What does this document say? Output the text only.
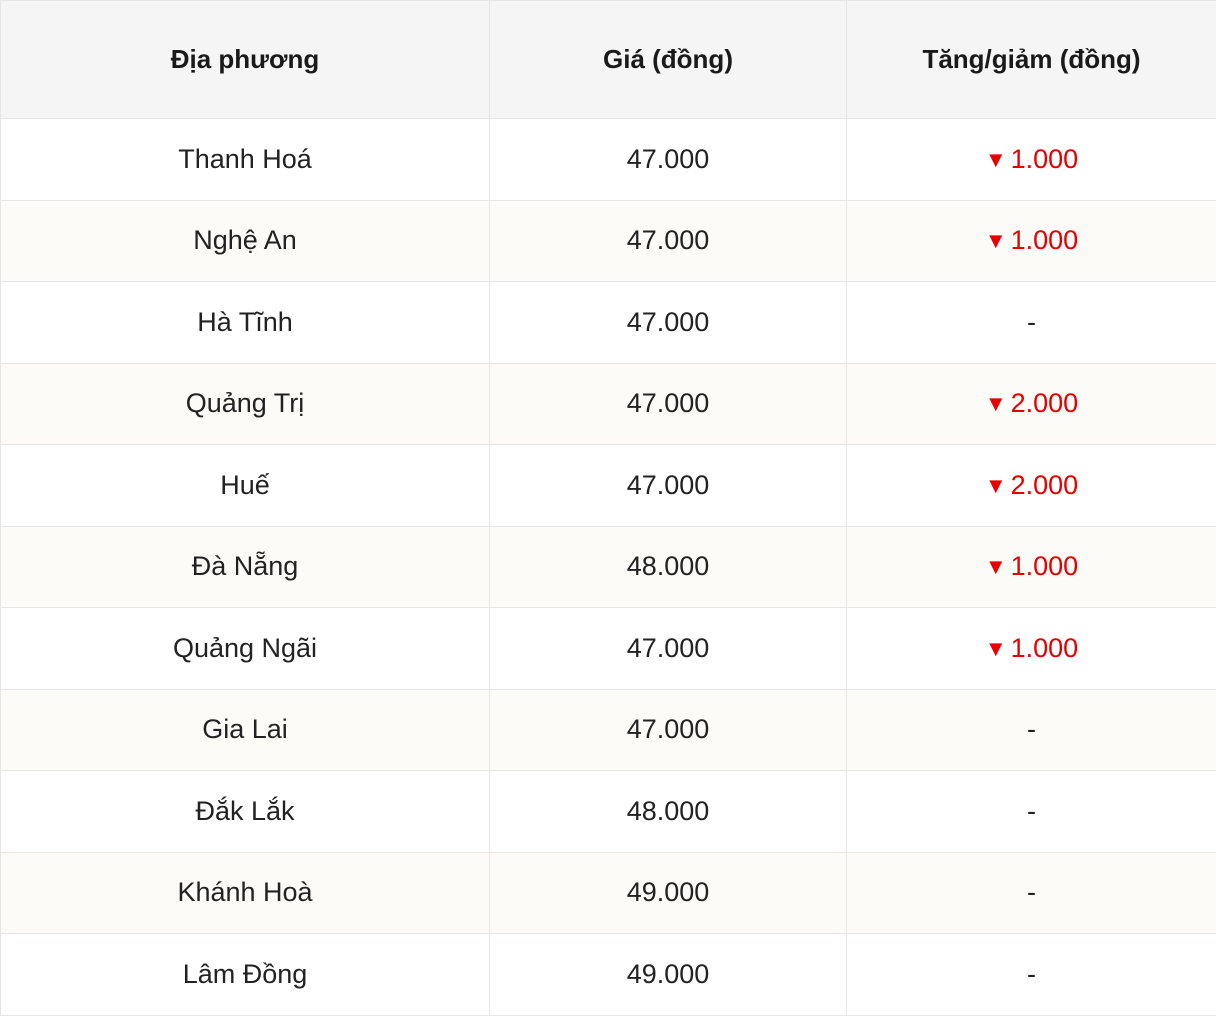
Địa phương	Giá (đồng)	Tăng/giảm (đồng)
Thanh Hoá	47.000	▼ 1.000
Nghệ An	47.000	▼ 1.000
Hà Tĩnh	47.000	-
Quảng Trị	47.000	▼ 2.000
Huế	47.000	▼ 2.000
Đà Nẵng	48.000	▼ 1.000
Quảng Ngãi	47.000	▼ 1.000
Gia Lai	47.000	-
Đắk Lắk	48.000	-
Khánh Hoà	49.000	-
Lâm Đồng	49.000	-
